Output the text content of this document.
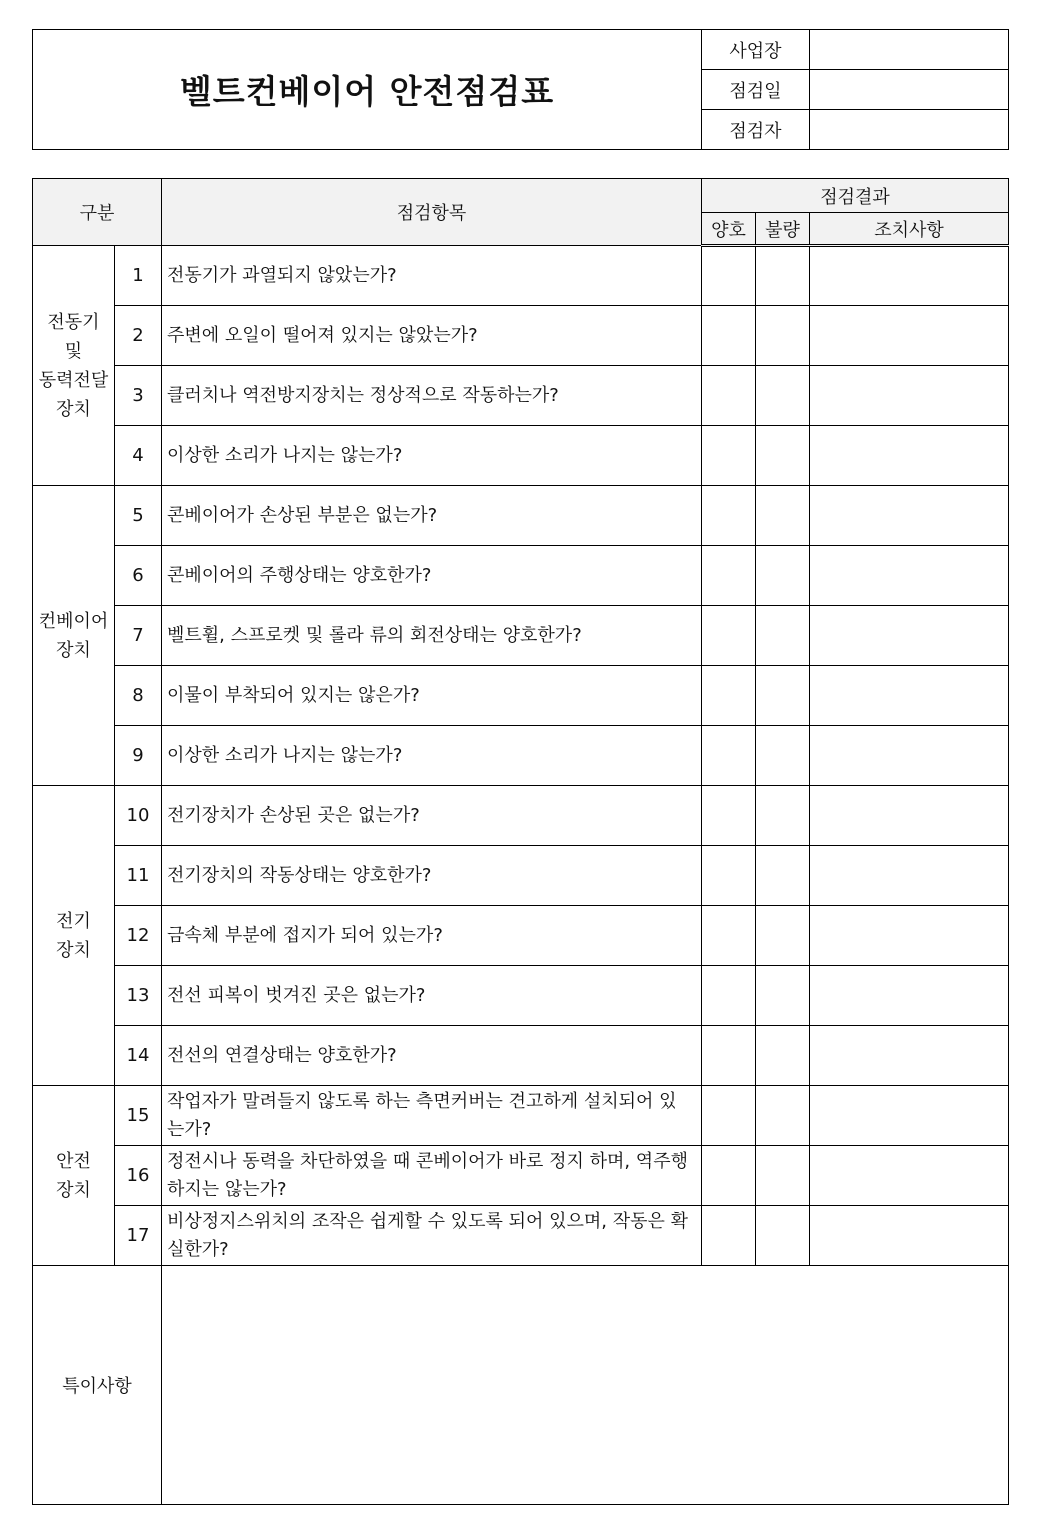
벨트컨베이어 안전점검표	사업장	
	점검일	
	점검자	
구분		점검항목	점검결과		
			양호	불량	조치사항
전동기
및
동력전달
장치	1	전동기가 과열되지 않았는가?			
	2	주변에 오일이 떨어져 있지는 않았는가?			
	3	클러치나 역전방지장치는 정상적으로 작동하는가?			
	4	이상한 소리가 나지는 않는가?			
컨베이어
장치	5	콘베이어가 손상된 부분은 없는가?			
	6	콘베이어의 주행상태는 양호한가?			
	7	벨트휠, 스프로켓 및 롤라 류의 회전상태는 양호한가?			
	8	이물이 부착되어 있지는 않은가?			
	9	이상한 소리가 나지는 않는가?			
전기
장치	10	전기장치가 손상된 곳은 없는가?			
	11	전기장치의 작동상태는 양호한가?			
	12	금속체 부분에 접지가 되어 있는가?			
	13	전선 피복이 벗겨진 곳은 없는가?			
	14	전선의 연결상태는 양호한가?			
안전
장치	15	작업자가 말려들지 않도록 하는 측면커버는 견고하게 설치되어 있는가?			
	16	정전시나 동력을 차단하였을 때 콘베이어가 바로 정지 하며, 역주행하지는 않는가?			
	17	비상정지스위치의 조작은 쉽게할 수 있도록 되어 있으며, 작동은 확실한가?			
특이사항					
